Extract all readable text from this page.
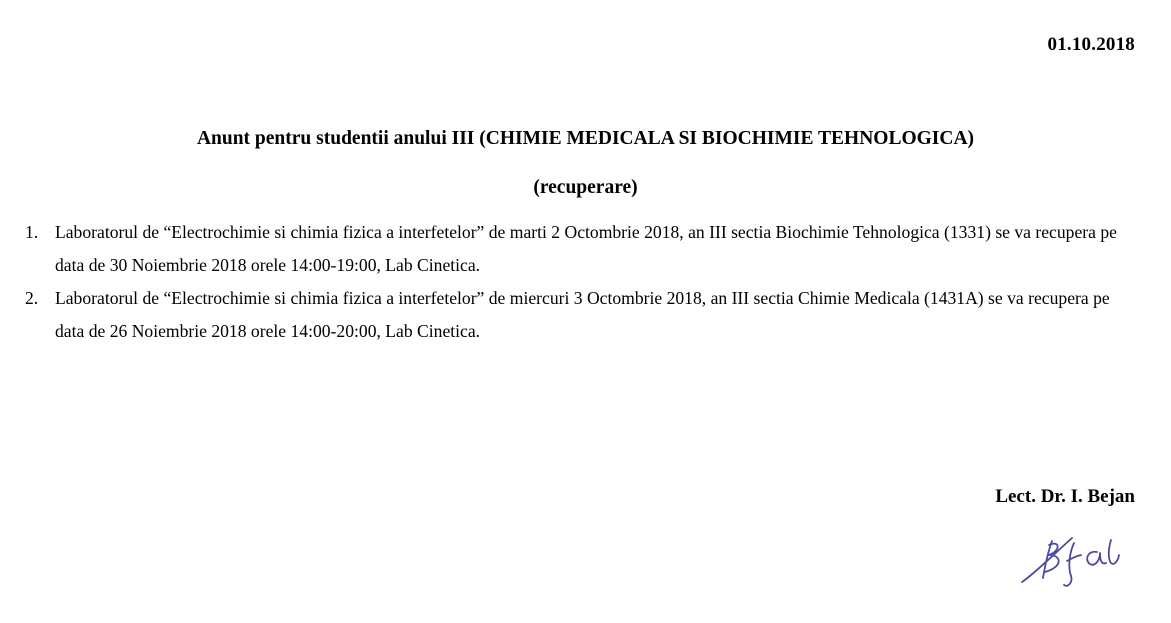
01.10.2018
Anunt pentru studentii anului III (CHIMIE MEDICALA SI BIOCHIMIE TEHNOLOGICA)
(recuperare)
1. Laboratorul de “Electrochimie si chimia fizica a interfetelor” de marti 2 Octombrie 2018, an III sectia Biochimie Tehnologica (1331) se va recupera pe data de 30 Noiembrie 2018 orele 14:00-19:00, Lab Cinetica.
2. Laboratorul de “Electrochimie si chimia fizica a interfetelor” de miercuri 3 Octombrie 2018, an III sectia Chimie Medicala (1431A) se va recupera pe data de 26 Noiembrie 2018 orele 14:00-20:00, Lab Cinetica.
Lect. Dr. I. Bejan
